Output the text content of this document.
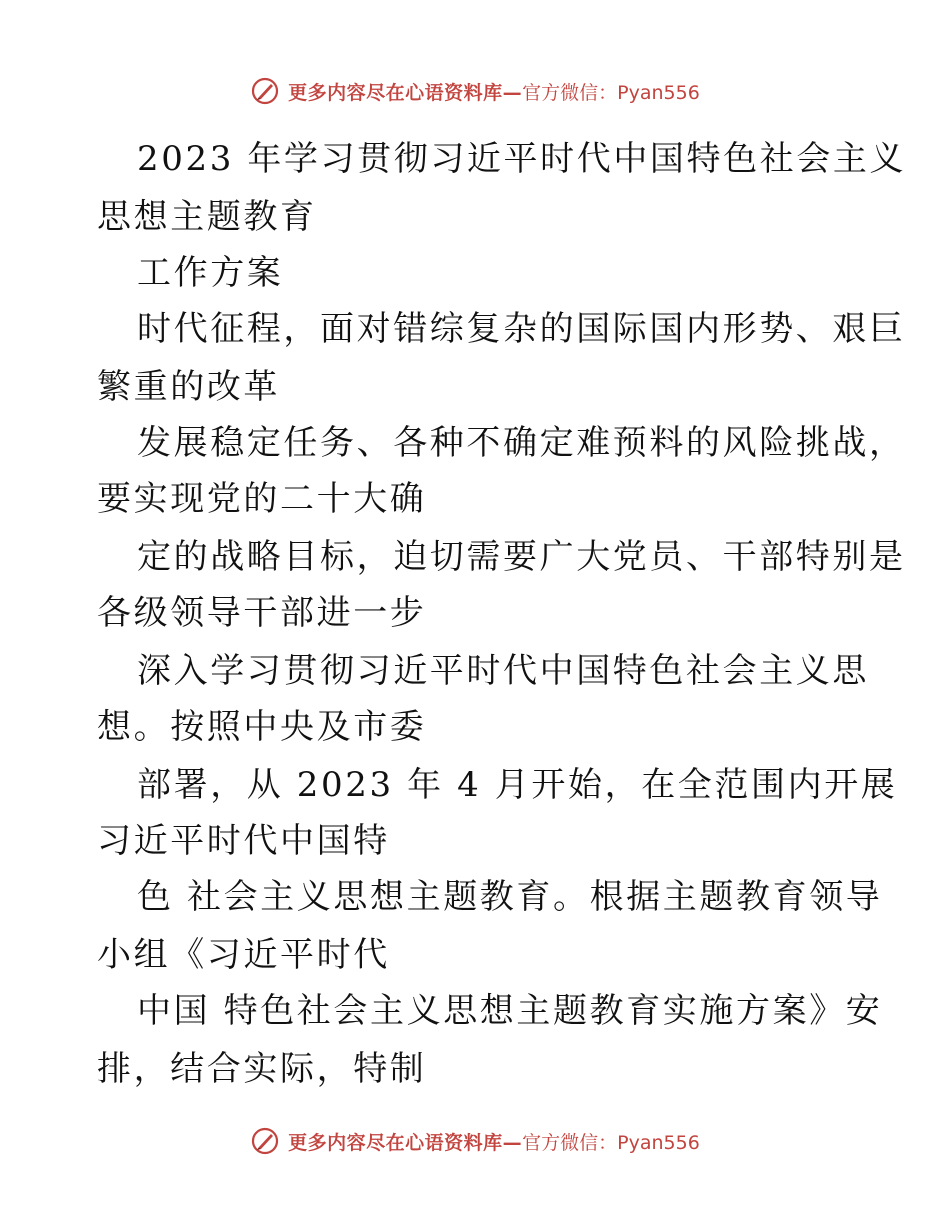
更多内容尽在心语资料库— 官方微信：Pyan556
2023 年学习贯彻习近平时代中国特色社会主义
思想主题教育
工作方案
时代征程，面对错综复杂的国际国内形势、艰巨
繁重的改革
发展稳定任务、各种不确定难预料的风险挑战，
要实现党的二十大确
定的战略目标，迫切需要广大党员、干部特别是
各级领导干部进一步
深入学习贯彻习近平时代中国特色社会主义思
想。按照中央及市委
部署，从 2023 年 4 月开始，在全范围内开展
习近平时代中国特
色 社会主义思想主题教育。根据主题教育领导
小组《习近平时代
中国 特色社会主义思想主题教育实施方案》安
排，结合实际，特制
更多内容尽在心语资料库— 官方微信：Pyan556
